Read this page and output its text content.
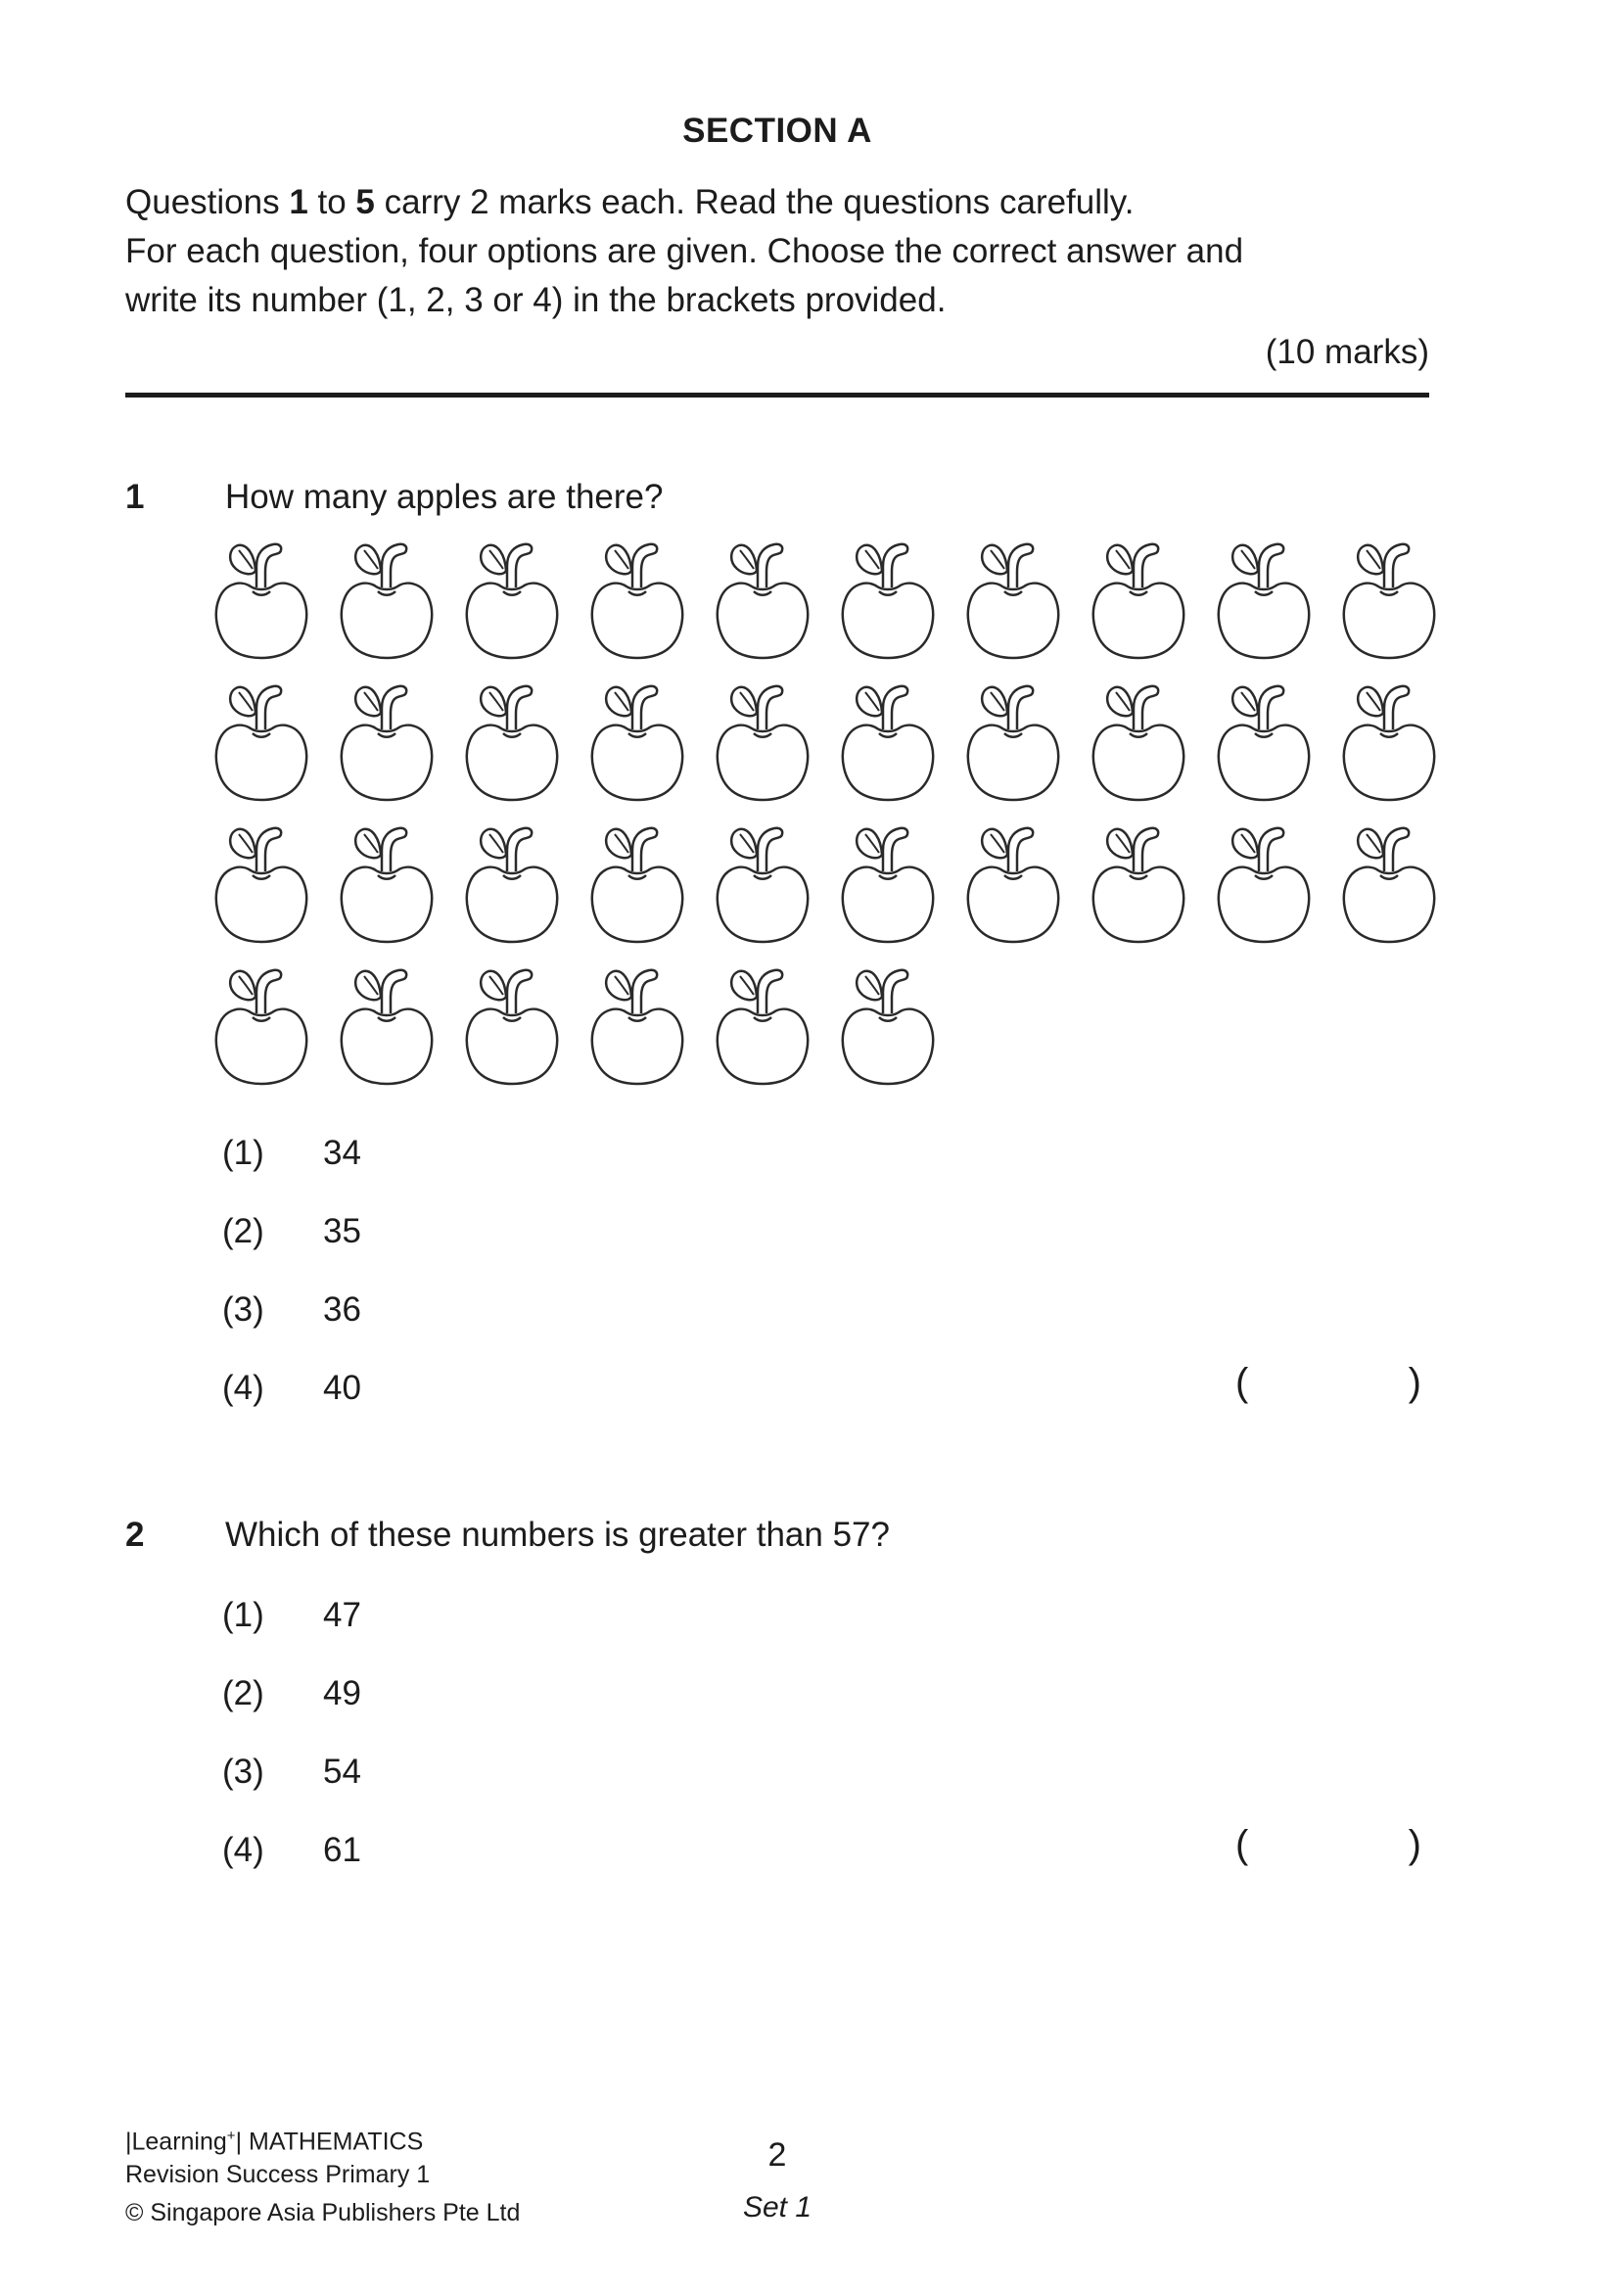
SECTION A
Questions 1 to 5 carry 2 marks each. Read the questions carefully.
For each question, four options are given. Choose the correct answer and
write its number (1, 2, 3 or 4) in the brackets provided.
(10 marks)
1	How many apples are there?
(1)	34
(2)	35
(3)	36
(4)	40	(	)
2	Which of these numbers is greater than 57?
(1)	47
(2)	49
(3)	54
(4)	61	(	)
|Learning+| MATHEMATICS
Revision Success Primary 1
© Singapore Asia Publishers Pte Ltd
2
Set 1
